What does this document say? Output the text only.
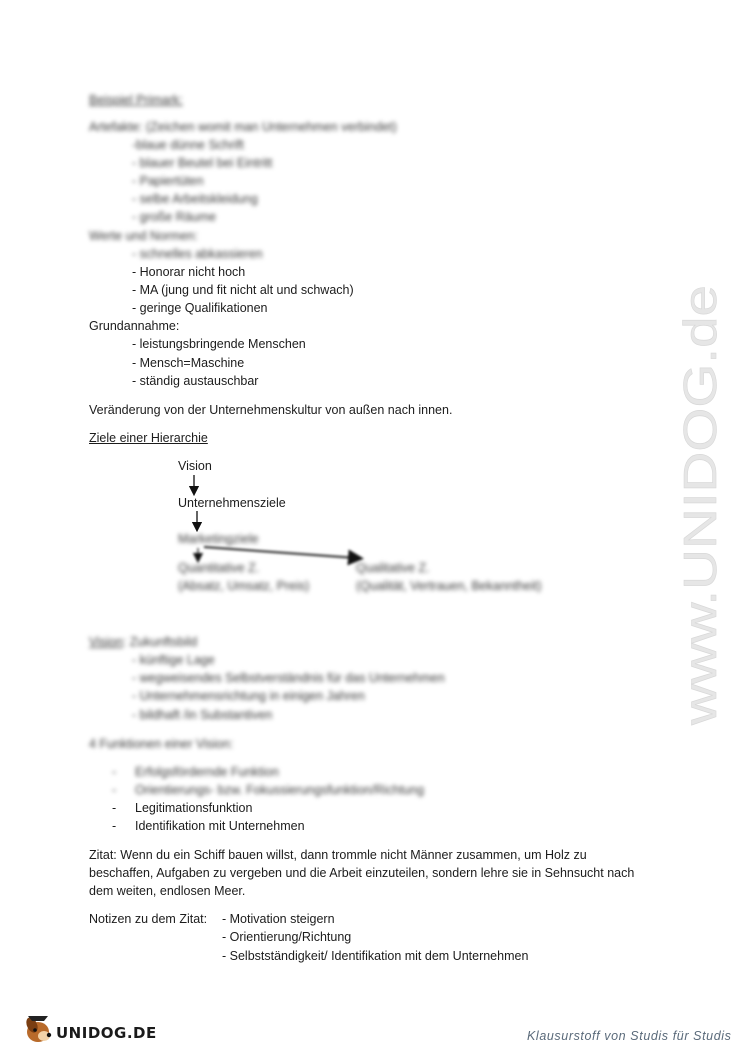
Beispiel Primark:
Artefakte: (Zeichen womit man Unternehmen verbindet)
-blaue dünne Schrift
- blauer Beutel bei Eintritt
- Papiertüten
- selbe Arbeitskleidung
- große Räume
Werte und Normen:
- schnelles abkassieren
- Honorar nicht hoch
- MA (jung und fit nicht alt und schwach)
- geringe Qualifikationen
Grundannahme:
- leistungsbringende Menschen
- Mensch=Maschine
- ständig austauschbar
Veränderung von der Unternehmenskultur von außen nach innen.
Ziele einer Hierarchie
Vision
Unternehmensziele
Marketingziele
Quantitative Z.
(Absatz, Umsatz, Preis)
Qualitative Z.
(Qualität, Vertrauen, Bekanntheit)
Vision: Zukunftsbild
- künftige Lage
- wegweisendes Selbstverständnis für das Unternehmen
- Unternehmensrichtung in einigen Jahren
- bildhaft /in Substantiven
4 Funktionen einer Vision:
- Erfolgsfördernde Funktion
- Orientierungs- bzw. Fokussierungsfunktion/Richtung
- Legitimationsfunktion
- Identifikation mit Unternehmen
Zitat: Wenn du ein Schiff bauen willst, dann trommle nicht Männer zusammen, um Holz zu
beschaffen, Aufgaben zu vergeben und die Arbeit einzuteilen, sondern lehre sie in Sehnsucht nach
dem weiten, endlosen Meer.
Notizen zu dem Zitat: - Motivation steigern
- Orientierung/Richtung
- Selbstständigkeit/ Identifikation mit dem Unternehmen
www.UNIDOG.de
UNIDOG.DE	Klausurstoff von Studis für Studis
